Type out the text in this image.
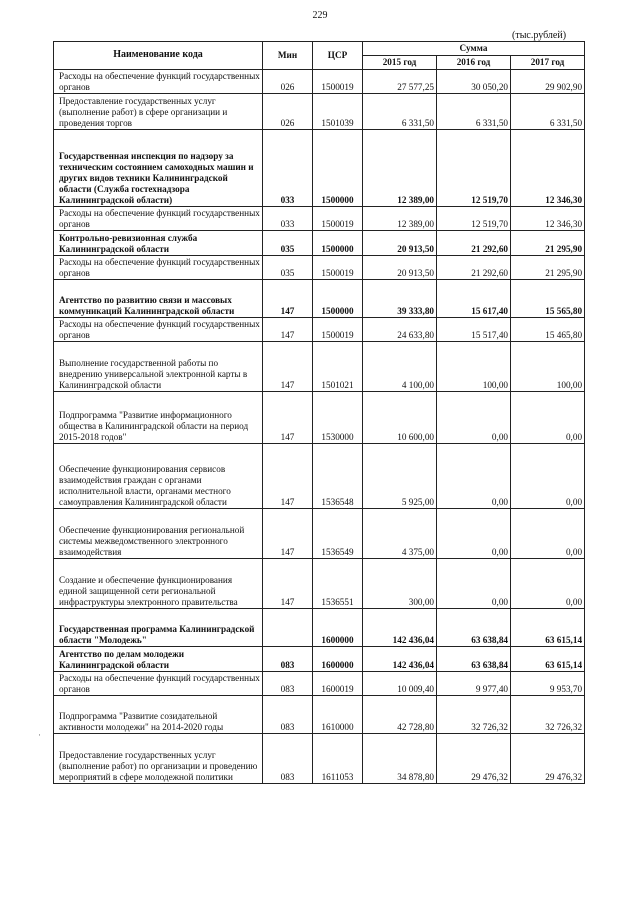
229
(тыс.рублей)
Наименование кода	Мин	ЦСР	Сумма		
			2015 год	2016 год	2017 год
Расходы на обеспечение функций государственных органов	026	1500019	27 577,25	30 050,20	29 902,90
Предоставление государственных услуг (выполнение работ) в сфере организации и проведения торгов	026	1501039	6 331,50	6 331,50	6 331,50
Государственная инспекция по надзору за техническим состоянием самоходных машин и других видов техники Калининградской области (Служба гостехнадзора Калининградской области)	033	1500000	12 389,00	12 519,70	12 346,30
Расходы на обеспечение функций государственных органов	033	1500019	12 389,00	12 519,70	12 346,30
Контрольно-ревизионная служба Калининградской области	035	1500000	20 913,50	21 292,60	21 295,90
Расходы на обеспечение функций государственных органов	035	1500019	20 913,50	21 292,60	21 295,90
Агентство по развитию связи и массовых коммуникаций Калининградской области	147	1500000	39 333,80	15 617,40	15 565,80
Расходы на обеспечение функций государственных органов	147	1500019	24 633,80	15 517,40	15 465,80
Выполнение государственной работы по внедрению универсальной электронной карты в Калининградской области	147	1501021	4 100,00	100,00	100,00
Подпрограмма "Развитие информационного общества в Калининградской области на период 2015-2018 годов"	147	1530000	10 600,00	0,00	0,00
Обеспечение функционирования сервисов взаимодействия граждан с органами исполнительной власти, органами местного самоуправления Калининградской области	147	1536548	5 925,00	0,00	0,00
Обеспечение функционирования региональной системы межведомственного электронного взаимодействия	147	1536549	4 375,00	0,00	0,00
Создание и обеспечение функционирования единой защищенной сети региональной инфраструктуры электронного правительства	147	1536551	300,00	0,00	0,00
Государственная программа Калининградской области "Молодежь"		1600000	142 436,04	63 638,84	63 615,14
Агентство по делам молодежи Калининградской области	083	1600000	142 436,04	63 638,84	63 615,14
Расходы на обеспечение функций государственных органов	083	1600019	10 009,40	9 977,40	9 953,70
Подпрограмма "Развитие созидательной активности молодежи" на 2014-2020 годы	083	1610000	42 728,80	32 726,32	32 726,32
Предоставление государственных услуг (выполнение работ) по организации и проведению мероприятий в сфере молодежной политики	083	1611053	34 878,80	29 476,32	29 476,32
·
